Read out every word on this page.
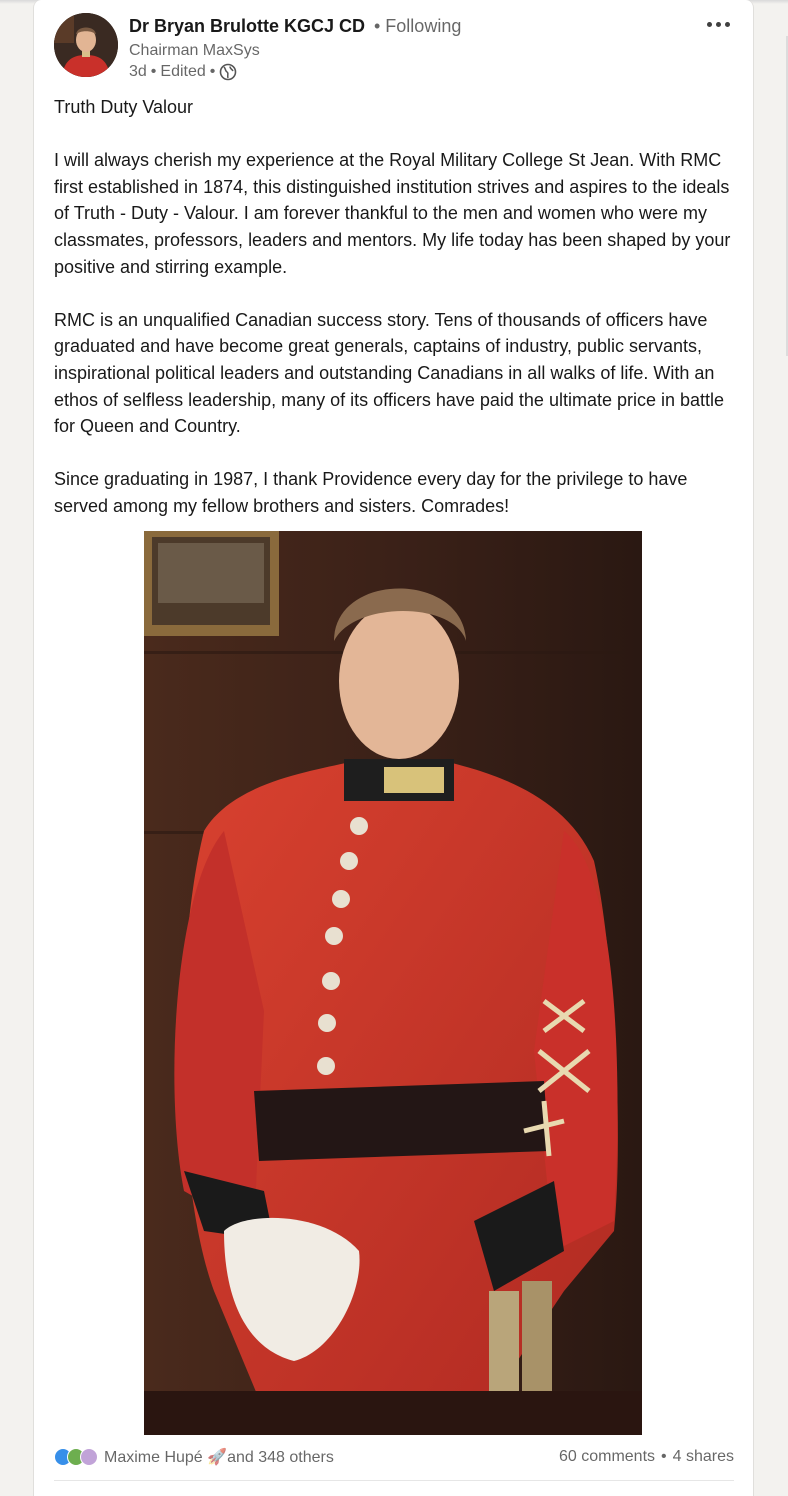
Dr Bryan Brulotte KGCJ CD • Following
Chairman MaxSys
3d • Edited •

Truth Duty Valour

I will always cherish my experience at the Royal Military College St Jean. With RMC first established in 1874, this distinguished institution strives and aspires to the ideals of Truth - Duty - Valour. I am forever thankful to the men and women who were my classmates, professors, leaders and mentors. My life today has been shaped by your positive and stirring example.

RMC is an unqualified Canadian success story. Tens of thousands of officers have graduated and have become great generals, captains of industry, public servants, inspirational political leaders and outstanding Canadians in all walks of life. With an ethos of selfless leadership, many of its officers have paid the ultimate price in battle for Queen and Country.

Since graduating in 1987, I thank Providence every day for the privilege to have served among my fellow brothers and sisters. Comrades!

Maxime Hupé 🚀and 348 others	60 comments • 4 shares
